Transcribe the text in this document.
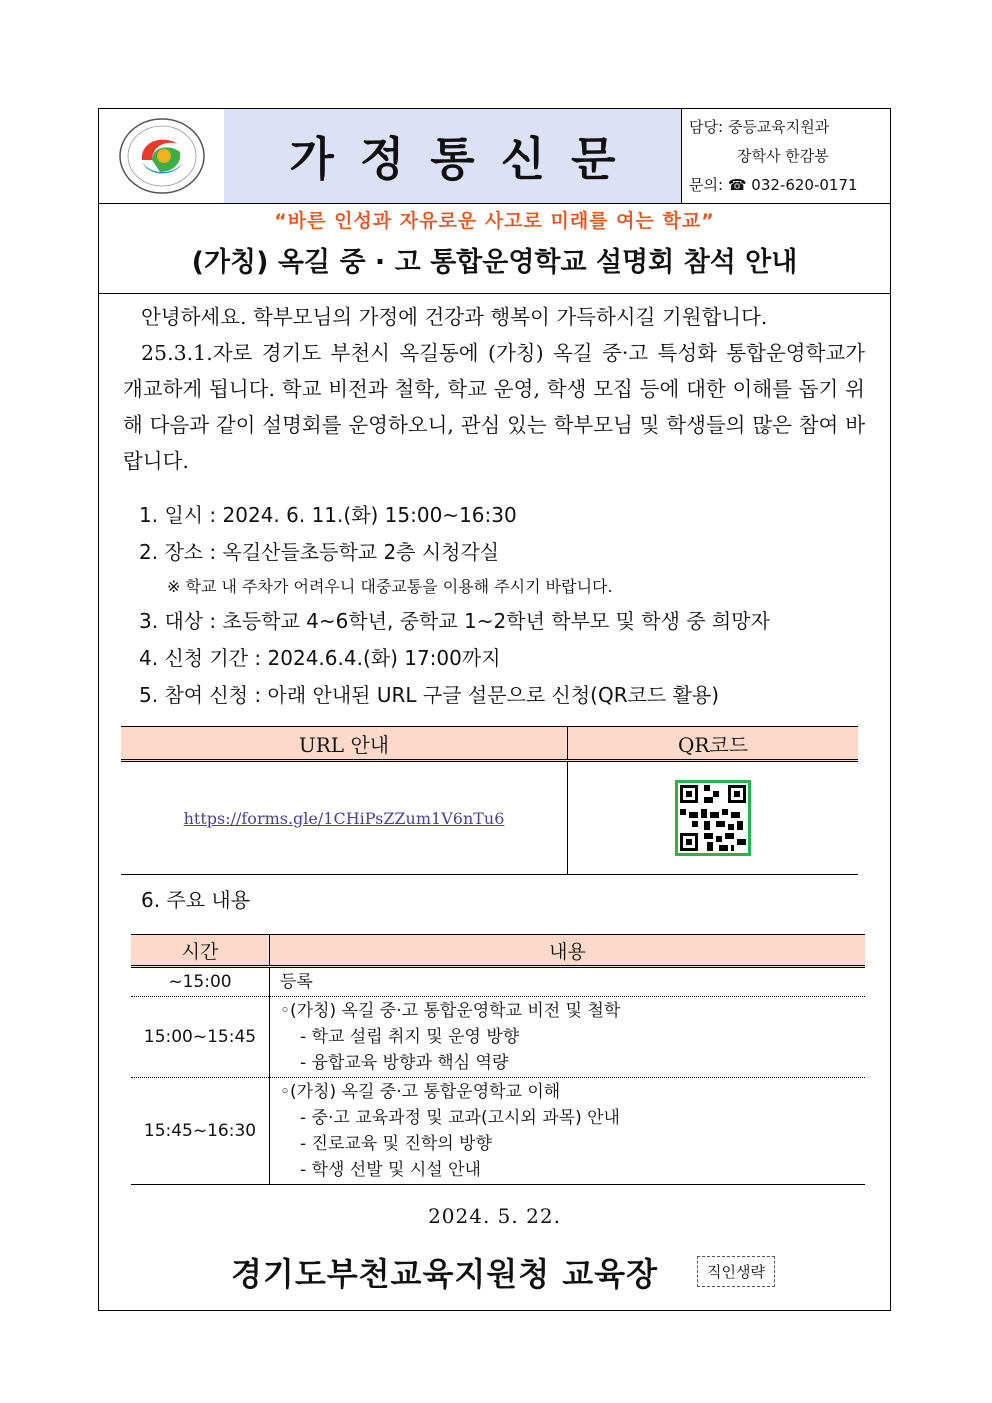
가정통신문
담당: 중등교육지원과
장학사 한감봉
문의: ☎ 032-620-0171
“바른 인성과 자유로운 사고로 미래를 여는 학교”
(가칭) 옥길 중 · 고 통합운영학교 설명회 참석 안내

안녕하세요. 학부모님의 가정에 건강과 행복이 가득하시길 기원합니다.

25.3.1.자로 경기도 부천시 옥길동에 (가칭) 옥길 중·고 특성화 통합운영학교가 개교하게 됩니다. 학교 비전과 철학, 학교 운영, 학생 모집 등에 대한 이해를 돕기 위해 다음과 같이 설명회를 운영하오니, 관심 있는 학부모님 및 학생들의 많은 참여 바랍니다.

1. 일시 : 2024. 6. 11.(화) 15:00~16:30
2. 장소 : 옥길산들초등학교 2층 시청각실
※ 학교 내 주차가 어려우니 대중교통을 이용해 주시기 바랍니다.
3. 대상 : 초등학교 4~6학년, 중학교 1~2학년 학부모 및 학생 중 희망자
4. 신청 기간 : 2024.6.4.(화) 17:00까지
5. 참여 신청 : 아래 안내된 URL 구글 설문으로 신청(QR코드 활용)
URL 안내	QR코드
https://forms.gle/1CHiPsZZum1V6nTu6	
6. 주요 내용
시간	내용
~15:00	등록

15:00~15:45	◦(가칭) 옥길 중·고 통합운영학교 비전 및 철학
- 학교 설립 취지 및 운영 방향
- 융합교육 방향과 핵심 역량

15:45~16:30	◦(가칭) 옥길 중·고 통합운영학교 이해
- 중·고 교육과정 및 교과(고시외 과목) 안내
- 진로교육 및 진학의 방향
- 학생 선발 및 시설 안내
2024. 5. 22.
경기도부천교육지원청 교육장	직인생략
